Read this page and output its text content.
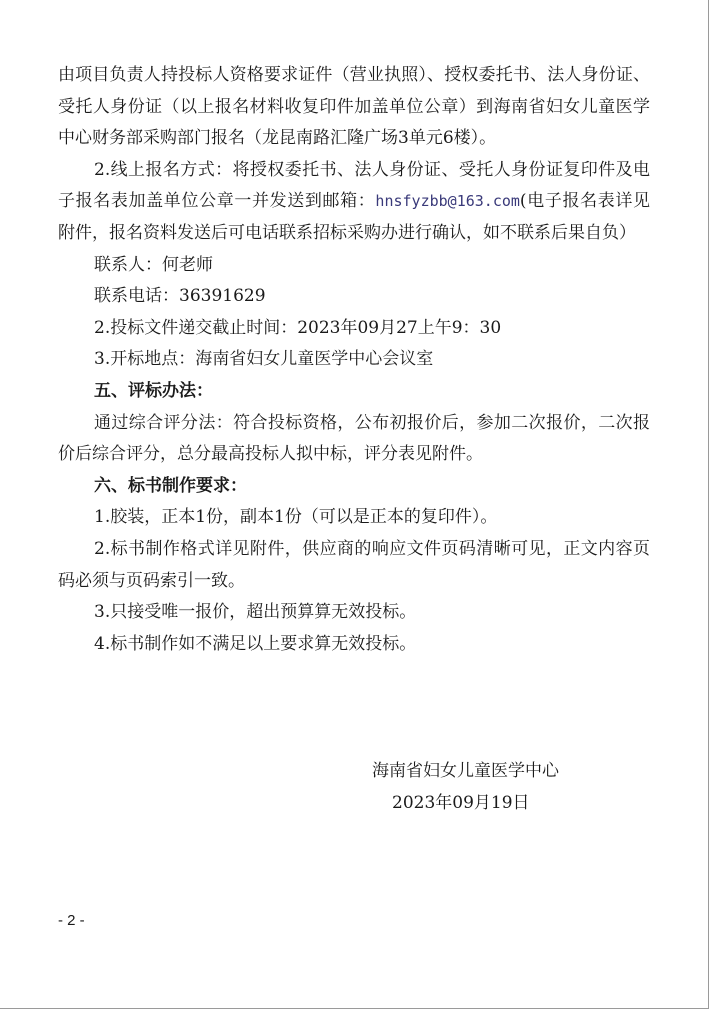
由项目负责人持投标人资格要求证件（营业执照）、授权委托书、法人身份证、受托人身份证（以上报名材料收复印件加盖单位公章）到海南省妇女儿童医学中心财务部采购部门报名（龙昆南路汇隆广场3单元6楼）。

2.线上报名方式：将授权委托书、法人身份证、受托人身份证复印件及电子报名表加盖单位公章一并发送到邮箱：hnsfyzbb@163.com(电子报名表详见附件，报名资料发送后可电话联系招标采购办进行确认，如不联系后果自负）

联系人：何老师

联系电话：36391629

2.投标文件递交截止时间：2023年09月27上午9：30

3.开标地点：海南省妇女儿童医学中心会议室

五、评标办法：

通过综合评分法：符合投标资格，公布初报价后，参加二次报价，二次报价后综合评分，总分最高投标人拟中标，评分表见附件。

六、标书制作要求：

1.胶装，正本1份，副本1份（可以是正本的复印件）。

2.标书制作格式详见附件，供应商的响应文件页码清晰可见，正文内容页码必须与页码索引一致。

3.只接受唯一报价，超出预算算无效投标。

4.标书制作如不满足以上要求算无效投标。

海南省妇女儿童医学中心
2023年09月19日
- 2 -
